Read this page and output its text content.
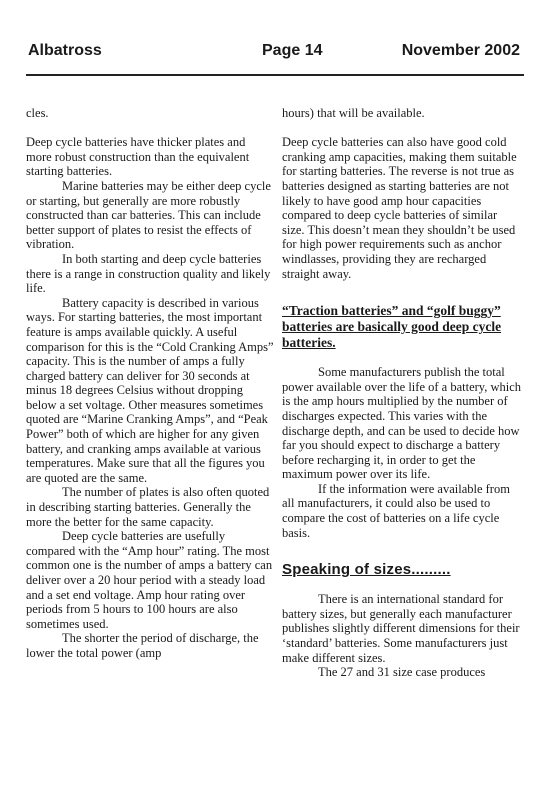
Albatross	Page 14	November 2002

cles.

Deep cycle batteries have thicker plates and more robust construction than the equivalent starting batteries.

Marine batteries may be either deep cycle or starting, but generally are more robustly constructed than car batteries. This can include better support of plates to resist the effects of vibration.

In both starting and deep cycle batteries there is a range in construction quality and likely life.

Battery capacity is described in various ways. For starting batteries, the most important feature is amps available quickly. A useful comparison for this is the “Cold Cranking Amps” capacity. This is the number of amps a fully charged battery can deliver for 30 seconds at minus 18 degrees Celsius without dropping below a set voltage. Other measures sometimes quoted are “Marine Cranking Amps”, and “Peak Power” both of which are higher for any given battery, and cranking amps available at various temperatures. Make sure that all the figures you are quoted are the same.

The number of plates is also often quoted in describing starting batteries. Generally the more the better for the same capacity.

Deep cycle batteries are usefully compared with the “Amp hour” rating. The most common one is the number of amps a battery can deliver over a 20 hour period with a steady load and a set end voltage. Amp hour rating over periods from 5 hours to 100 hours are also sometimes used.

The shorter the period of discharge, the lower the total power (amp

hours) that will be available.

Deep cycle batteries can also have good cold cranking amp capacities, making them suitable for starting batteries. The reverse is not true as batteries designed as starting batteries are not likely to have good amp hour capacities compared to deep cycle batteries of similar size. This doesn’t mean they shouldn’t be used for high power requirements such as anchor windlasses, providing they are recharged straight away.

“Traction batteries” and “golf buggy” batteries are basically good deep cycle batteries.

Some manufacturers publish the total power available over the life of a battery, which is the amp hours multiplied by the number of discharges expected. This varies with the discharge depth, and can be used to decide how far you should expect to discharge a battery before recharging it, in order to get the maximum power over its life.

If the information were available from all manufacturers, it could also be used to compare the cost of batteries on a life cycle basis.

Speaking of sizes.........

There is an international standard for battery sizes, but generally each manufacturer publishes slightly different dimensions for their ‘standard’ batteries. Some manufacturers just make different sizes.

The 27 and 31 size case produces
